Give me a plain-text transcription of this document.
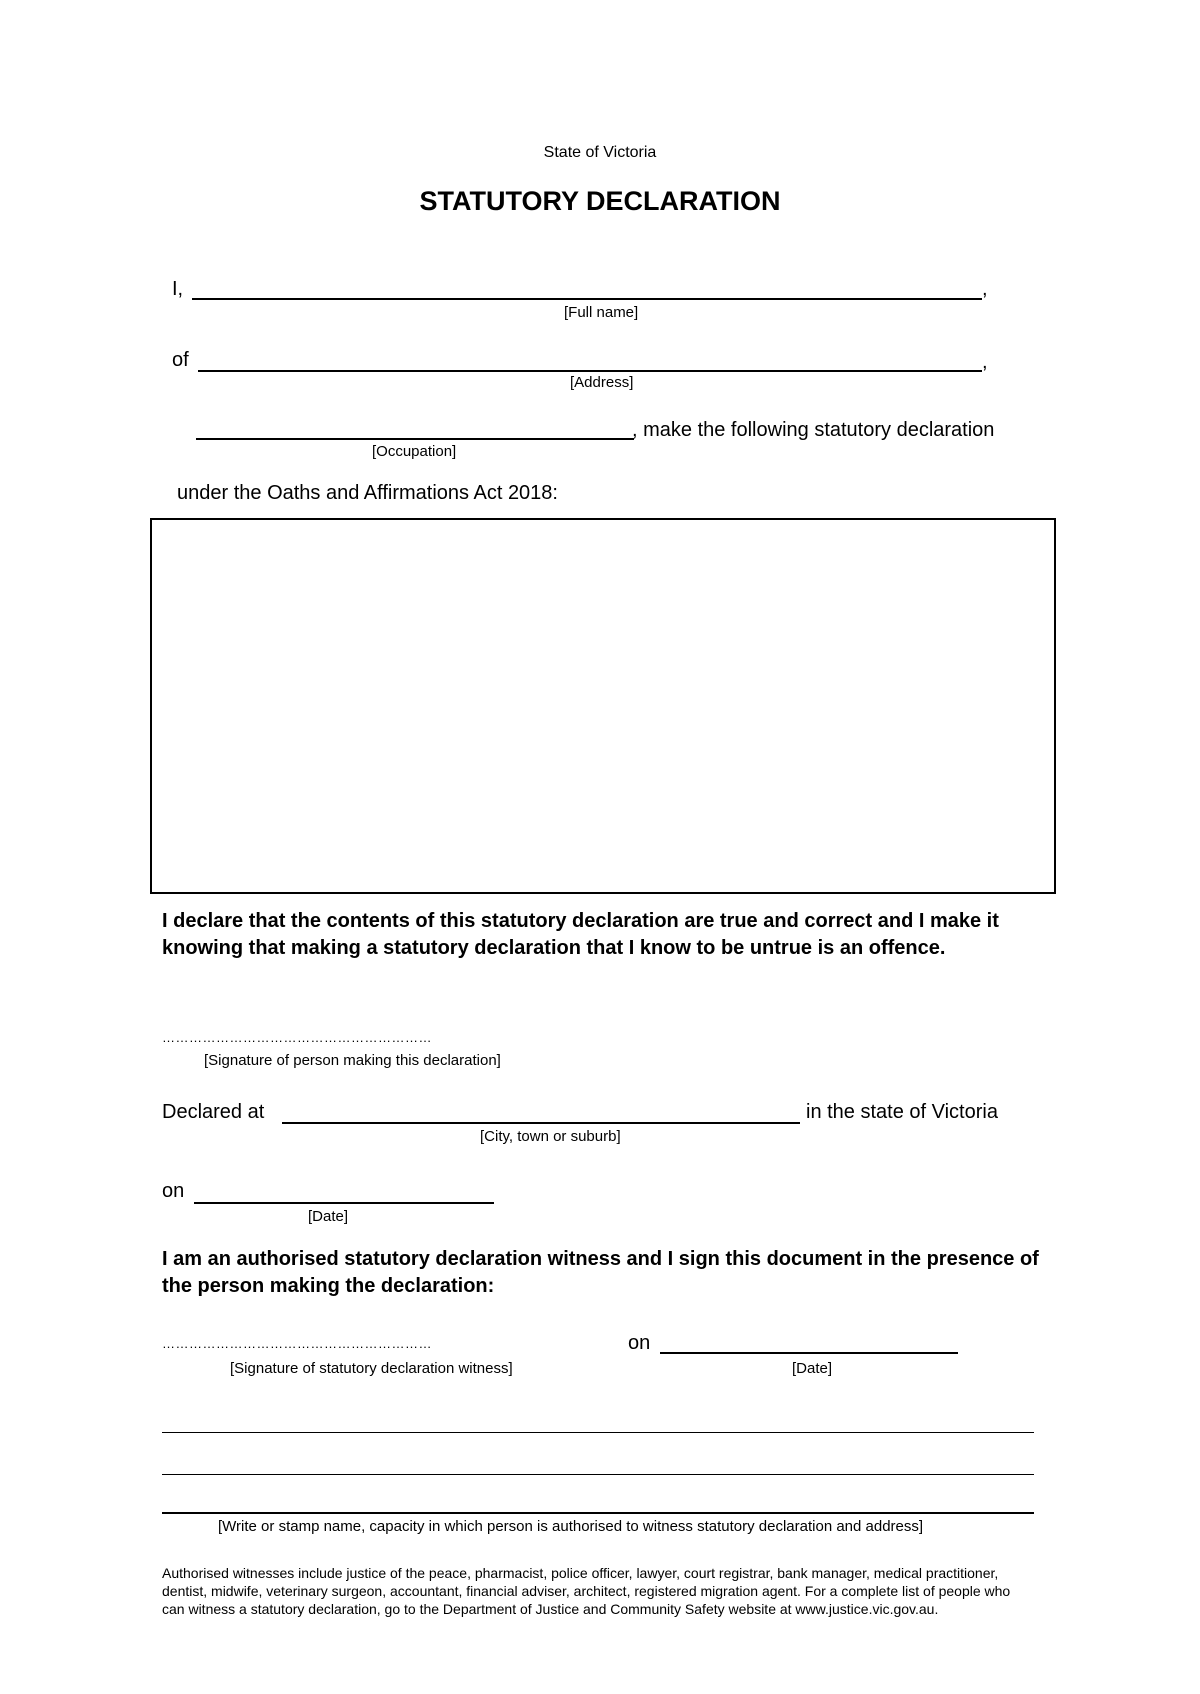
State of Victoria
STATUTORY DECLARATION
I,	,
[Full name]
of	,
[Address]
, make the following statutory declaration
[Occupation]
under the Oaths and Affirmations Act 2018:
I declare that the contents of this statutory declaration are true and correct and I make it knowing that making a statutory declaration that I know to be untrue is an offence.
……………………………………………………
[Signature of person making this declaration]
Declared at	in the state of Victoria
[City, town or suburb]
on
[Date]
I am an authorised statutory declaration witness and I sign this document in the presence of the person making the declaration:
……………………………………………………	on
[Signature of statutory declaration witness]	[Date]
[Write or stamp name, capacity in which person is authorised to witness statutory declaration and address]
Authorised witnesses include justice of the peace, pharmacist, police officer, lawyer, court registrar, bank manager, medical practitioner, dentist, midwife, veterinary surgeon, accountant, financial adviser, architect, registered migration agent. For a complete list of people who can witness a statutory declaration, go to the Department of Justice and Community Safety website at www.justice.vic.gov.au.
